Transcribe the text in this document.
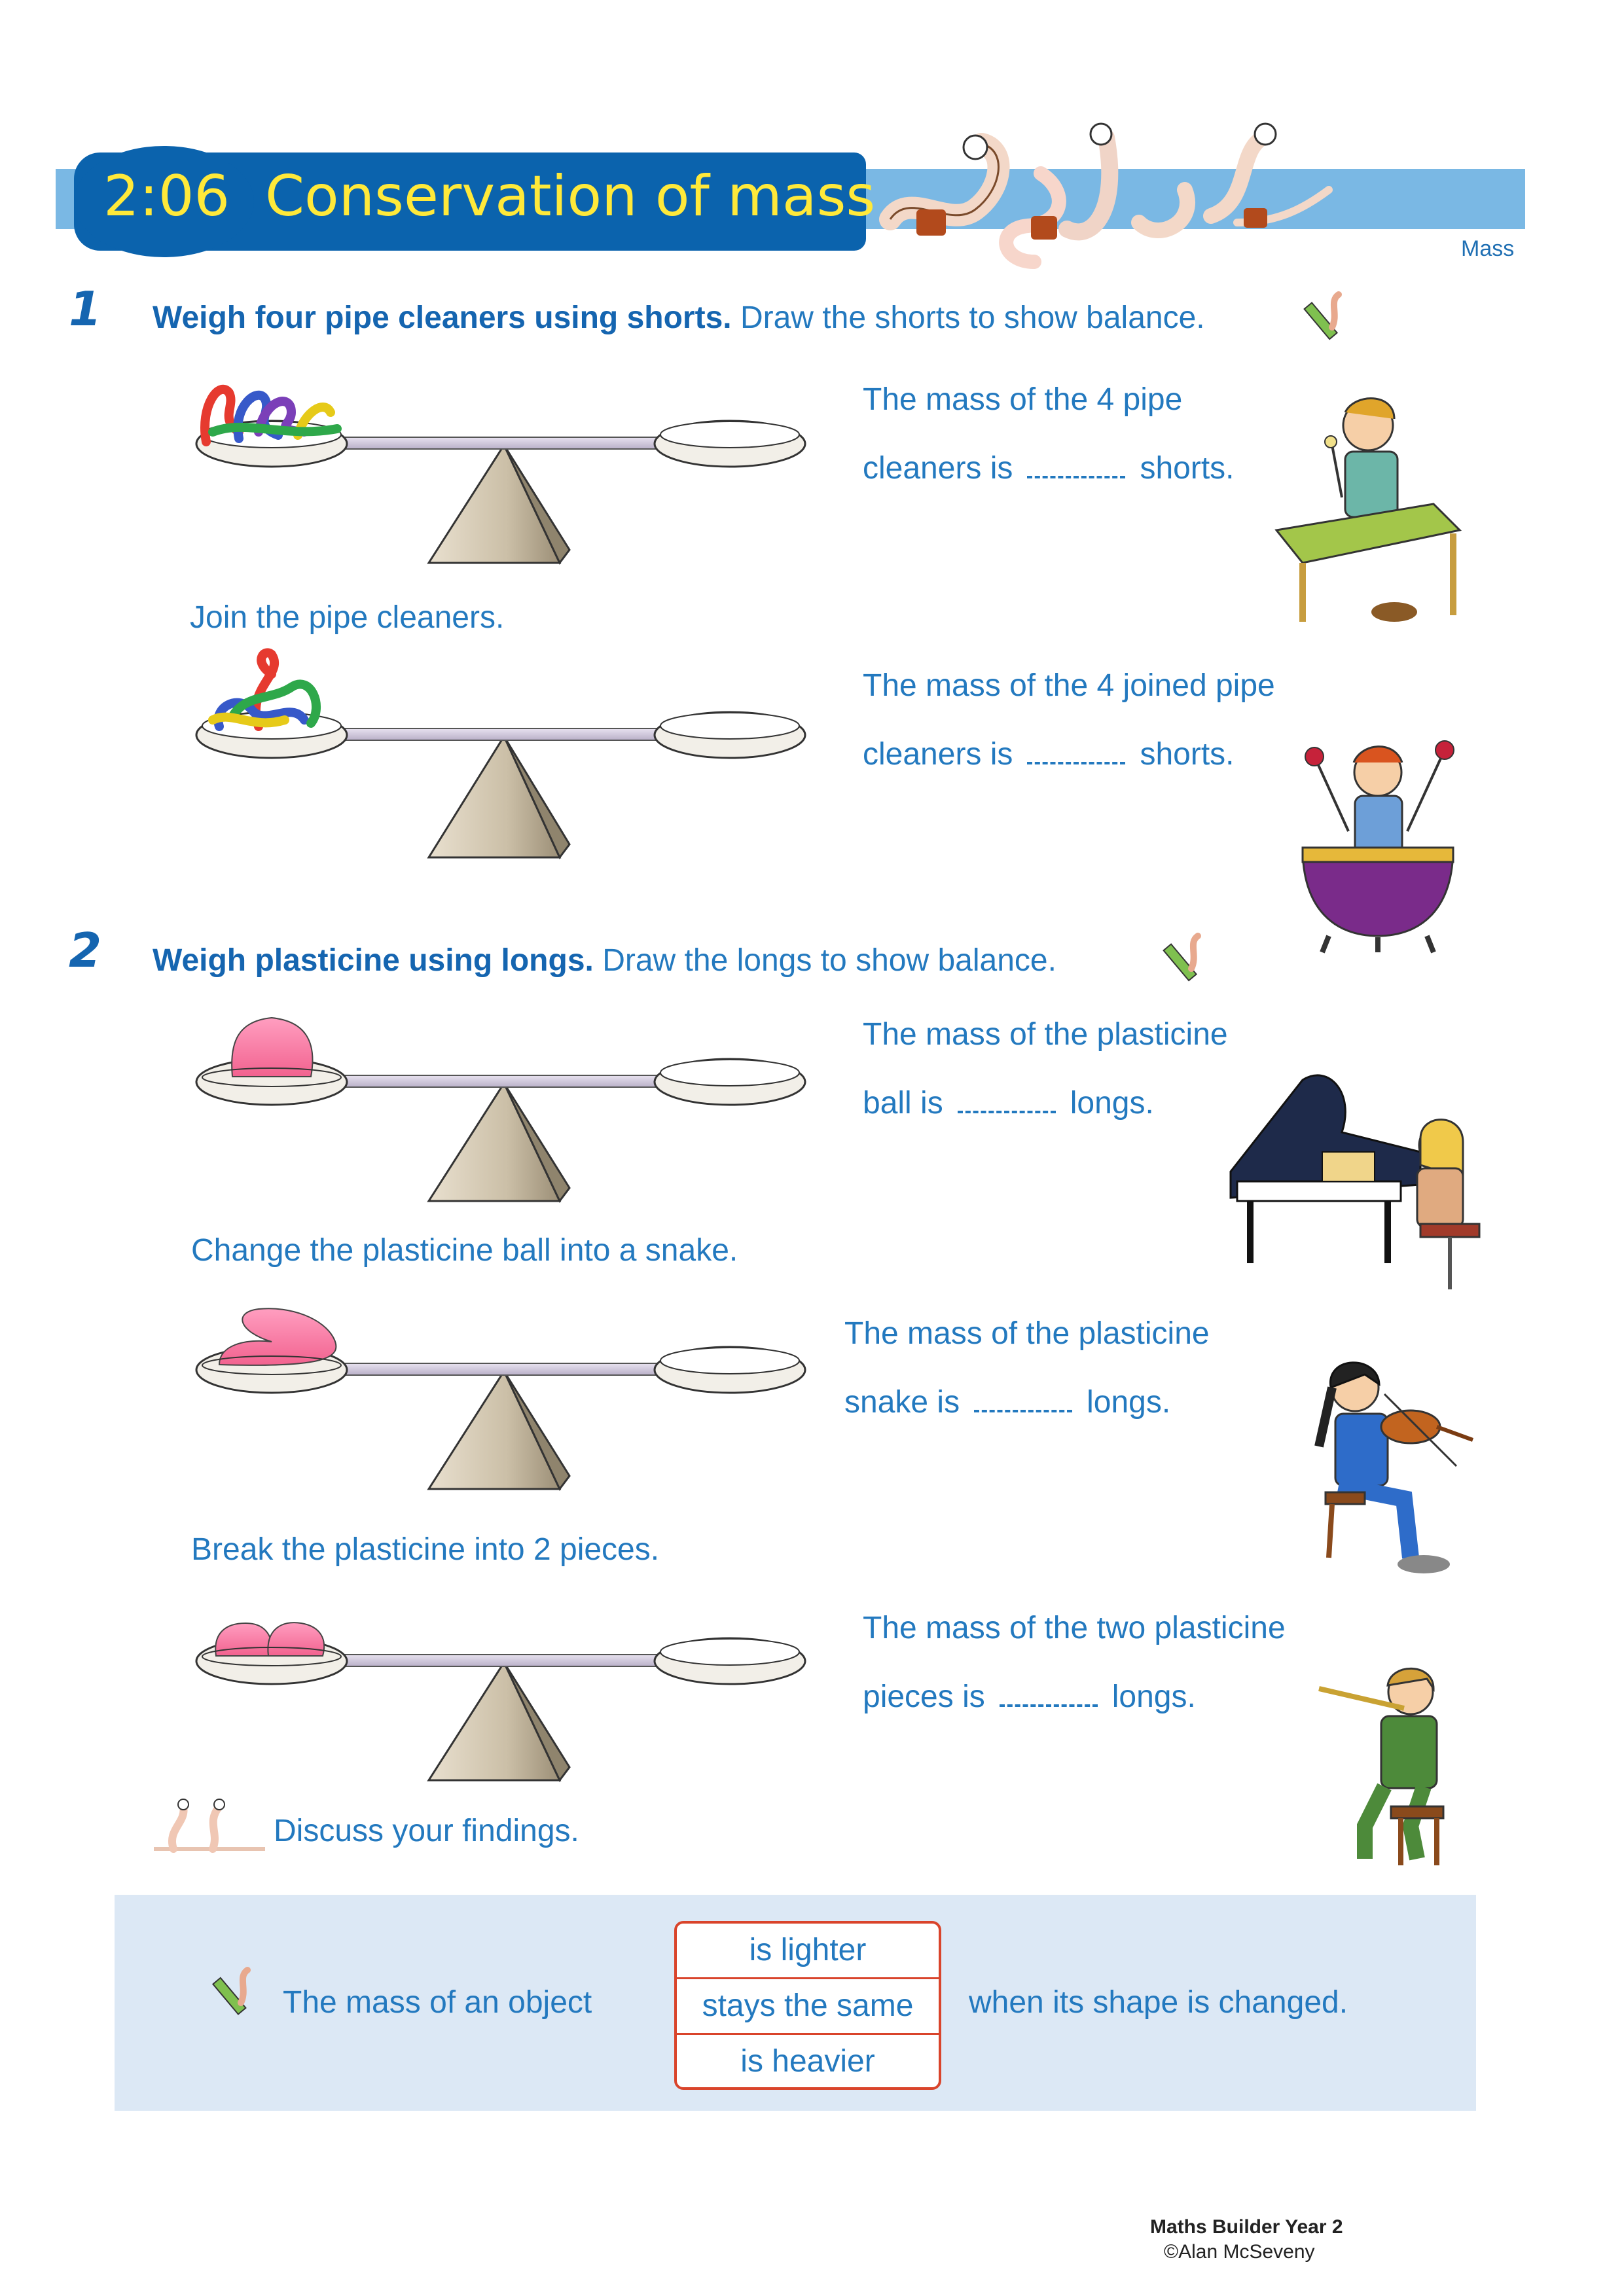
2:06 Conservation of mass
Mass
1 Weigh four pipe cleaners using shorts. Draw the shorts to show balance.
The mass of the 4 pipe
cleaners is	shorts.
Join the pipe cleaners.
The mass of the 4 joined pipe
cleaners is	shorts.
2 Weigh plasticine using longs. Draw the longs to show balance.
The mass of the plasticine
ball is	longs.
Change the plasticine ball into a snake.
The mass of the plasticine
snake is	longs.
Break the plasticine into 2 pieces.
The mass of the two plasticine
pieces is	longs.
Discuss your findings.
The mass of an object
is lighter
stays the same
is heavier
when its shape is changed.
Maths Builder Year 2
©Alan McSeveny
